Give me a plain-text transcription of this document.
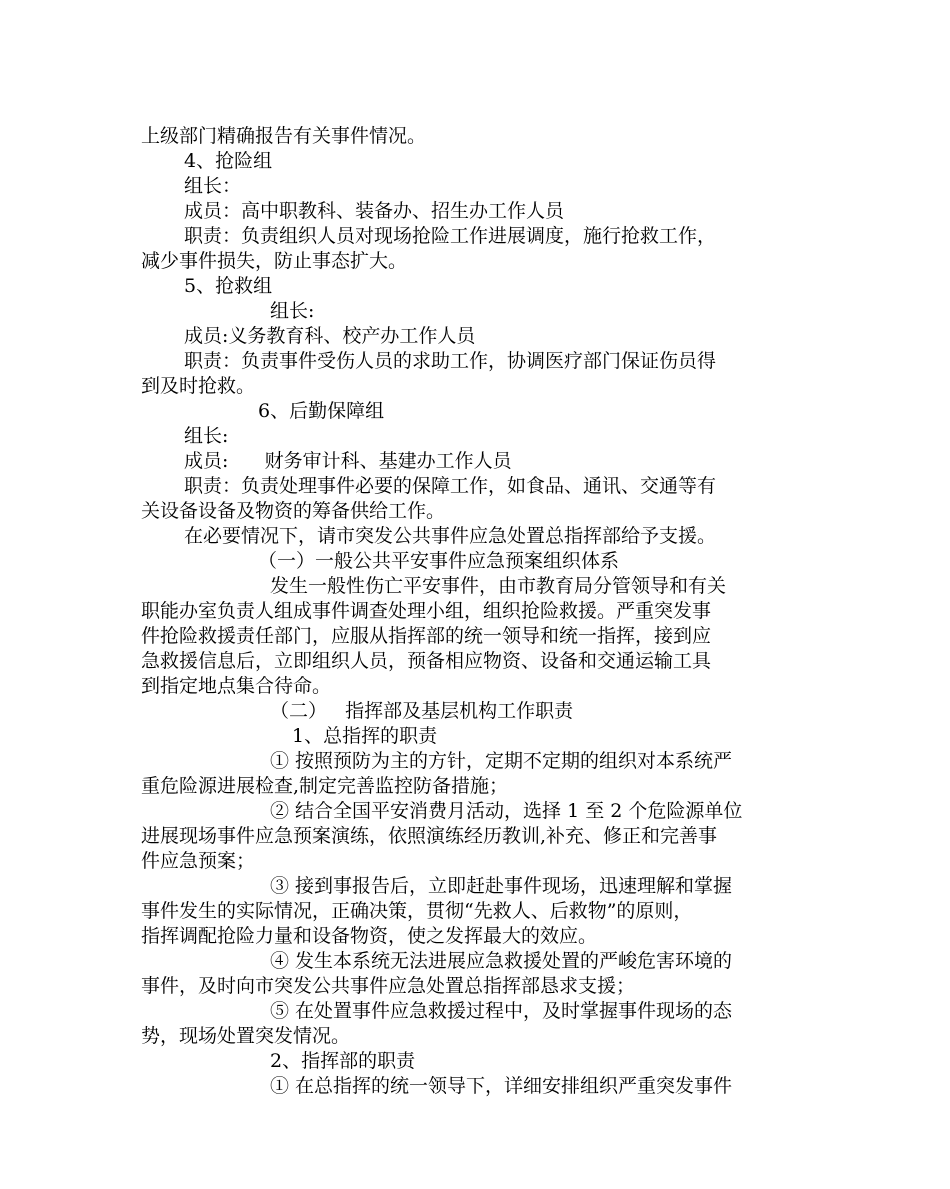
上级部门精确报告有关事件情况。
4、抢险组
组长：
成员：高中职教科、装备办、招生办工作人员
职责：负责组织人员对现场抢险工作进展调度，施行抢救工作，
减少事件损失，防止事态扩大。
5、抢救组
组长:
成员:义务教育科、校产办工作人员
职责：负责事件受伤人员的求助工作，协调医疗部门保证伤员得
到及时抢救。
6、后勤保障组
组长:
成员:      财务审计科、基建办工作人员
职责：负责处理事件必要的保障工作，如食品、通讯、交通等有
关设备设备及物资的筹备供给工作。
在必要情况下，请市突发公共事件应急处置总指挥部给予支援。
（一）一般公共平安事件应急预案组织体系
发生一般性伤亡平安事件，由市教育局分管领导和有关
职能办室负责人组成事件调查处理小组，组织抢险救援。严重突发事
件抢险救援责任部门，应服从指挥部的统一领导和统一指挥，接到应
急救援信息后，立即组织人员，预备相应物资、设备和交通运输工具
到指定地点集合待命。
（二）   指挥部及基层机构工作职责
1、总指挥的职责
① 按照预防为主的方针，定期不定期的组织对本系统严
重危险源进展检查,制定完善监控防备措施；
② 结合全国平安消费月活动，选择 1 至 2 个危险源单位
进展现场事件应急预案演练，依照演练经历教训,补充、修正和完善事
件应急预案；
③ 接到事报告后，立即赶赴事件现场，迅速理解和掌握
事件发生的实际情况，正确决策，贯彻“先救人、后救物”的原则，
指挥调配抢险力量和设备物资，使之发挥最大的效应。
④ 发生本系统无法进展应急救援处置的严峻危害环境的
事件，及时向市突发公共事件应急处置总指挥部恳求支援；
⑤ 在处置事件应急救援过程中，及时掌握事件现场的态
势，现场处置突发情况。
2、指挥部的职责
① 在总指挥的统一领导下，详细安排组织严重突发事件
